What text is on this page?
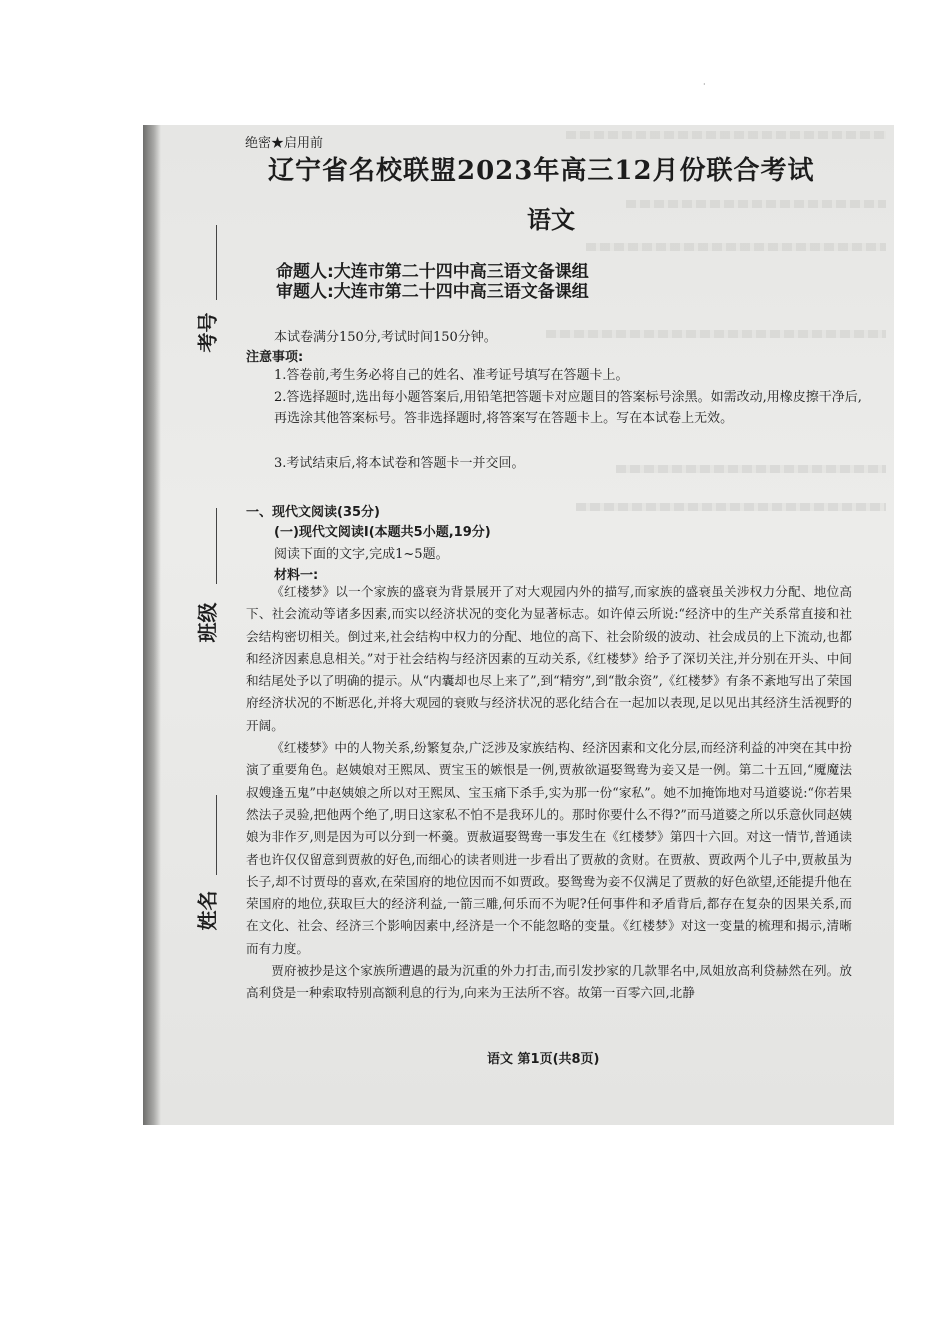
·
绝密★启用前
辽宁省名校联盟2023年高三12月份联合考试
语文
命题人:大连市第二十四中高三语文备课组
审题人:大连市第二十四中高三语文备课组
考号
班级
姓名
本试卷满分150分,考试时间150分钟。
注意事项:
1.答卷前,考生务必将自己的姓名、准考证号填写在答题卡上。
2.答选择题时,选出每小题答案后,用铅笔把答题卡对应题目的答案标号涂黑。如需改动,用橡皮擦干净后,再选涂其他答案标号。答非选择题时,将答案写在答题卡上。写在本试卷上无效。
3.考试结束后,将本试卷和答题卡一并交回。
一、现代文阅读(35分)
(一)现代文阅读Ⅰ(本题共5小题,19分)
阅读下面的文字,完成1~5题。
材料一:

《红楼梦》以一个家族的盛衰为背景展开了对大观园内外的描写,而家族的盛衰虽关涉权力分配、地位高下、社会流动等诸多因素,而实以经济状况的变化为显著标志。如许倬云所说:“经济中的生产关系常直接和社会结构密切相关。倒过来,社会结构中权力的分配、地位的高下、社会阶级的波动、社会成员的上下流动,也都和经济因素息息相关。”对于社会结构与经济因素的互动关系,《红楼梦》给予了深切关注,并分别在开头、中间和结尾处予以了明确的提示。从“内囊却也尽上来了”,到“精穷”,到“散余资”,《红楼梦》有条不紊地写出了荣国府经济状况的不断恶化,并将大观园的衰败与经济状况的恶化结合在一起加以表现,足以见出其经济生活视野的开阔。

《红楼梦》中的人物关系,纷繁复杂,广泛涉及家族结构、经济因素和文化分层,而经济利益的冲突在其中扮演了重要角色。赵姨娘对王熙凤、贾宝玉的嫉恨是一例,贾赦欲逼娶鸳鸯为妾又是一例。第二十五回,“魇魔法叔嫂逢五鬼”中赵姨娘之所以对王熙凤、宝玉痛下杀手,实为那一份“家私”。她不加掩饰地对马道婆说:“你若果然法子灵验,把他两个绝了,明日这家私不怕不是我环儿的。那时你要什么不得?”而马道婆之所以乐意伙同赵姨娘为非作歹,则是因为可以分到一杯羹。贾赦逼娶鸳鸯一事发生在《红楼梦》第四十六回。对这一情节,普通读者也许仅仅留意到贾赦的好色,而细心的读者则进一步看出了贾赦的贪财。在贾赦、贾政两个儿子中,贾赦虽为长子,却不讨贾母的喜欢,在荣国府的地位因而不如贾政。娶鸳鸯为妾不仅满足了贾赦的好色欲望,还能提升他在荣国府的地位,获取巨大的经济利益,一箭三雕,何乐而不为呢?任何事件和矛盾背后,都存在复杂的因果关系,而在文化、社会、经济三个影响因素中,经济是一个不能忽略的变量。《红楼梦》对这一变量的梳理和揭示,清晰而有力度。

贾府被抄是这个家族所遭遇的最为沉重的外力打击,而引发抄家的几款罪名中,凤姐放高利贷赫然在列。放高利贷是一种索取特别高额利息的行为,向来为王法所不容。故第一百零六回,北静

语文 第1页(共8页)
